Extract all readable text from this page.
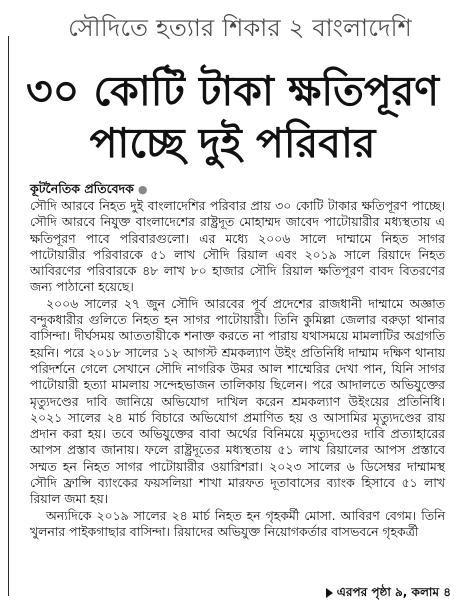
সৌদিতে হত্যার শিকার ২ বাংলাদেশি
৩০ কোটি টাকা ক্ষতিপূরণ
পাচ্ছে দুই পরিবার
কূটনৈতিক প্রতিবেদক ●

সৌদি আরবে নিহত দুই বাংলাদেশির পরিবার প্রায় ৩০ কোটি টাকার ক্ষতিপূরণ পাচ্ছে। সৌদি আরবে নিযুক্ত বাংলাদেশের রাষ্ট্রদূত মোহাম্মদ জাবেদ পাটোয়ারীর মধ্যস্থতায় এ ক্ষতিপূরণ পাবে পরিবারগুলো। এর মধ্যে ২০০৬ সালে দাম্মামে নিহত সাগর পাটোয়ারীর পরিবারকে ৫১ লাখ সৌদি রিয়াল এবং ২০১৯ সালে রিয়াদে নিহত আবিরণের পরিবারকে ৪৮ লাখ ৮০ হাজার সৌদি রিয়াল ক্ষতিপূরণ বাবদ বিতরণের জন্য পাঠানো হয়েছে।

২০০৬ সালের ২৭ জুন সৌদি আরবের পূর্ব প্রদেশের রাজধানী দাম্মামে অজ্ঞাত বন্দুকধারীর গুলিতে নিহত হন সাগর পাটোয়ারী। তিনি কুমিল্লা জেলার বরুড়া থানার বাসিন্দা। দীর্ঘসময় আততায়ীকে শনাক্ত করতে না পারায় যথাসময়ে মামলাটির অগ্রগতি হয়নি। পরে ২০১৮ সালের ১২ আগস্ট শ্রমকল্যাণ উইং প্রতিনিধি দাম্মাম দক্ষিণ থানায় পরিদর্শনে গেলে সেখানে সৌদি নাগরিক উমর আল শাম্মেরির দেখা পান, যিনি সাগর পাটোয়ারী হত্যা মামলায় সন্দেহভাজন তালিকায় ছিলেন। পরে আদালতে অভিযুক্তের মৃত্যুদণ্ডের দাবি জানিয়ে অভিযোগ দাখিল করেন শ্রমকল্যাণ উইংয়ের প্রতিনিধি। ২০২১ সালের ২৪ মার্চ বিচারে অভিযোগ প্রমাণিত হয় ও আসামির মৃত্যুদণ্ডের রায় প্রদান করা হয়। তবে অভিযুক্তের বাবা অর্থের বিনিময়ে মৃত্যুদণ্ডের দাবি প্রত্যাহারের আপস প্রস্তাব জানায়। ফলে রাষ্ট্রদূতের মধ্যস্থতায় ৫১ লাখ রিয়ালের আপস প্রস্তাবে সম্মত হন নিহত সাগর পাটোয়ারীর ওয়ারিশরা। ২০২৩ সালের ৬ ডিসেম্বর দাম্মামস্থ সৌদি ফ্রান্সি ব্যাংকের ফয়সলিয়া শাখা মারফত দূতাবাসের ব্যাংক হিসাবে ৫১ লাখ রিয়াল জমা হয়।

অন্যদিকে ২০১৯ সালের ২৪ মার্চ নিহত হন গৃহকর্মী মোসা. আবিরণ বেগম। তিনি খুলনার পাইকগাছার বাসিন্দা। রিয়াদের অভিযুক্ত নিয়োগকর্তার বাসভবনে গৃহকর্ত্রী

এরপর পৃষ্ঠা ৯, কলাম ৪
